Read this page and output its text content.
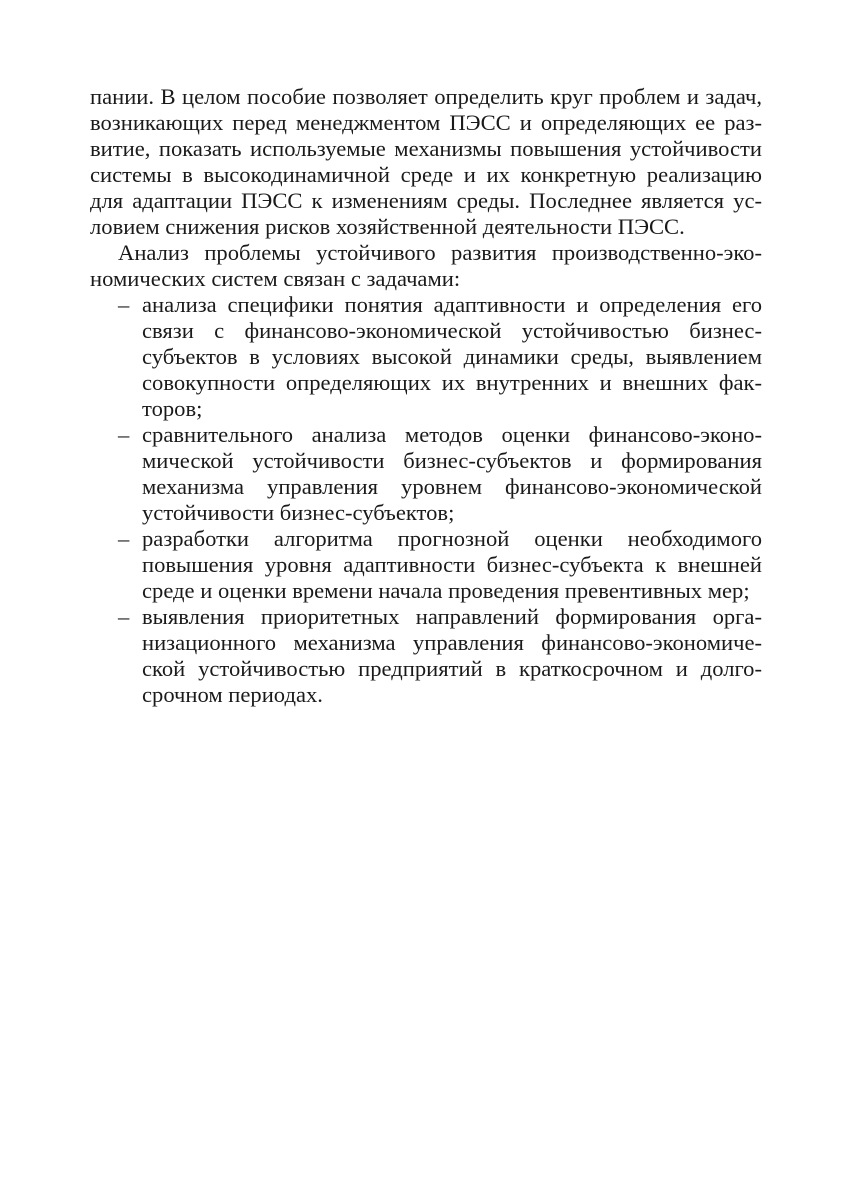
пании. В целом пособие позволяет определить круг проблем и задач,
возникающих перед менеджментом ПЭСС и определяющих ее раз-
витие, показать используемые механизмы повышения устойчивости
системы в высокодинамичной среде и их конкретную реализацию
для адаптации ПЭСС к изменениям среды. Последнее является ус-
ловием снижения рисков хозяйственной деятельности ПЭСС.
Анализ проблемы устойчивого развития производственно-эко-
номических систем связан с задачами:
– анализа специфики понятия адаптивности и определения его
связи с финансово-экономической устойчивостью бизнес-
субъектов в условиях высокой динамики среды, выявлением
совокупности определяющих их внутренних и внешних фак-
торов;
– сравнительного анализа методов оценки финансово-эконо-
мической устойчивости бизнес-субъектов и формирования
механизма управления уровнем финансово-экономической
устойчивости бизнес-субъектов;
– разработки алгоритма прогнозной оценки необходимого
повышения уровня адаптивности бизнес-субъекта к внешней
среде и оценки времени начала проведения превентивных мер;
– выявления приоритетных направлений формирования орга-
низационного механизма управления финансово-экономиче-
ской устойчивостью предприятий в краткосрочном и долго-
срочном периодах.
